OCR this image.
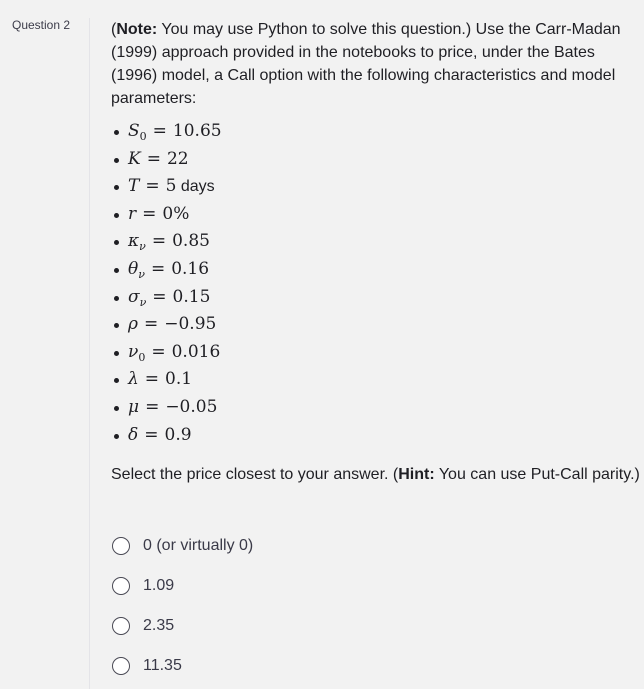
Question 2	(Note: You may use Python to solve this question.) Use the Carr-Madan (1999) approach provided in the notebooks to price, under the Bates (1996) model, a Call option with the following characteristics and model parameters:

$S_0 = 10.65$
K = 22
T = 5 days
r = 0%
$\kappa_\nu = 0.85$
$\theta_\nu = 0.16$
$\sigma_\nu = 0.15$
ρ = −0.95
$\nu_0 = 0.016$
λ = 0.1
μ = −0.05
δ = 0.9

Select the price closest to your answer. (Hint: You can use Put-Call parity.)

0 (or virtually 0)
1.09
2.35
11.35
